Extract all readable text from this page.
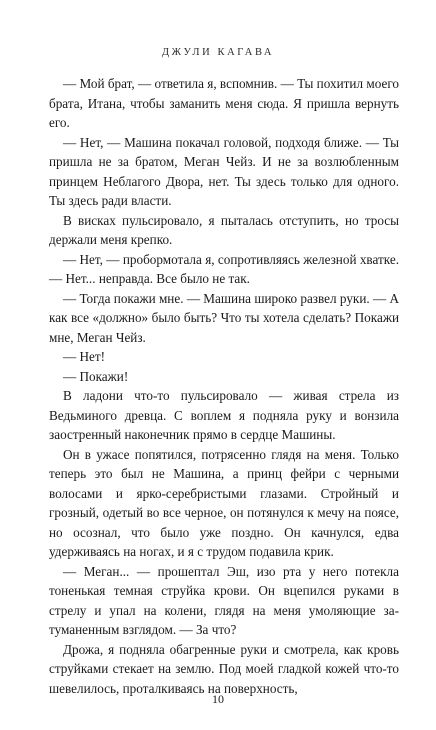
ДЖУЛИ КАГАВА

— Мой брат, — ответила я, вспомнив. — Ты похитил моего брата, Итана, чтобы заманить меня сюда. Я пришла вернуть его.

— Нет, — Машина покачал головой, подходя ближе. — Ты пришла не за братом, Меган Чейз. И не за возлюбленным принцем Неблагого Двора, нет. Ты здесь только для одного. Ты здесь ради власти.

В висках пульсировало, я пыталась отступить, но тросы держали меня крепко.

— Нет, — пробормотала я, сопротивляясь железной хватке. — Нет... неправда. Все было не так.

— Тогда покажи мне. — Машина широко развел руки. — А как все «должно» было быть? Что ты хотела сделать? Покажи мне, Меган Чейз.

— Нет!

— Покажи!

В ладони что-то пульсировало — живая стрела из Ведьминого древца. С воплем я подняла руку и вонзила заостренный наконечник прямо в сердце Машины.

Он в ужасе попятился, потрясенно глядя на меня. Только теперь это был не Машина, а принц фейри с черными волосами и ярко-серебристыми глазами. Стройный и грозный, одетый во все черное, он потянулся к мечу на поясе, но осознал, что было уже поздно. Он качнулся, едва удерживаясь на ногах, и я с трудом подавила крик.

— Меган... — прошептал Эш, изо рта у него потекла тоненькая темная струйка крови. Он вцепился руками в стрелу и упал на колени, глядя на меня умоляющие затуманенным взглядом. — За что?

Дрожа, я подняла обагренные руки и смотрела, как кровь струйками стекает на землю. Под моей гладкой кожей что-то шевелилось, проталкиваясь на поверхность,

10
